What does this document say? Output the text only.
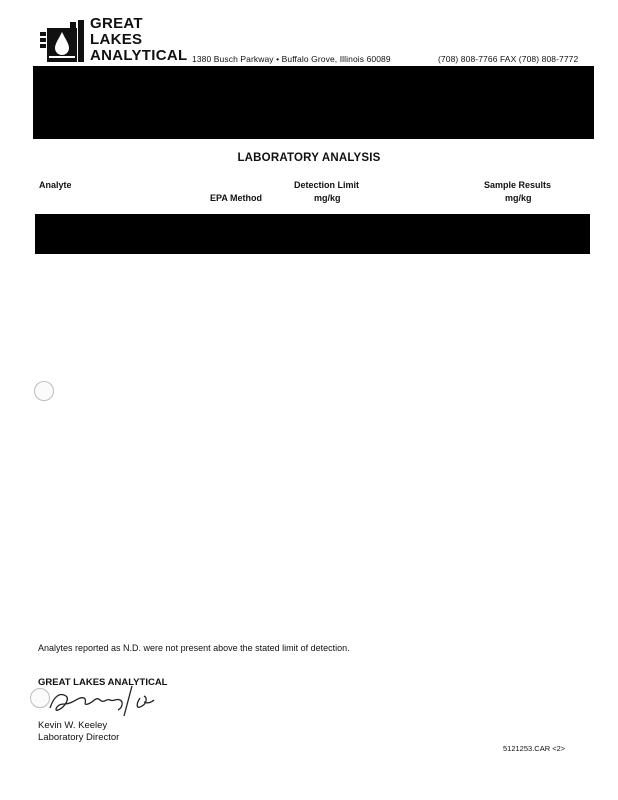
GREAT
LAKES
ANALYTICAL 1380 Busch Parkway • Buffalo Grove, Illinois 60089	(708) 808-7766 FAX (708) 808-7772
LABORATORY ANALYSIS
Analyte
EPA Method
Detection Limit
mg/kg
Sample Results
mg/kg
Analytes reported as N.D. were not present above the stated limit of detection.
GREAT LAKES ANALYTICAL
Kevin W. Keeley
Laboratory Director
5121253.CAR <2>
